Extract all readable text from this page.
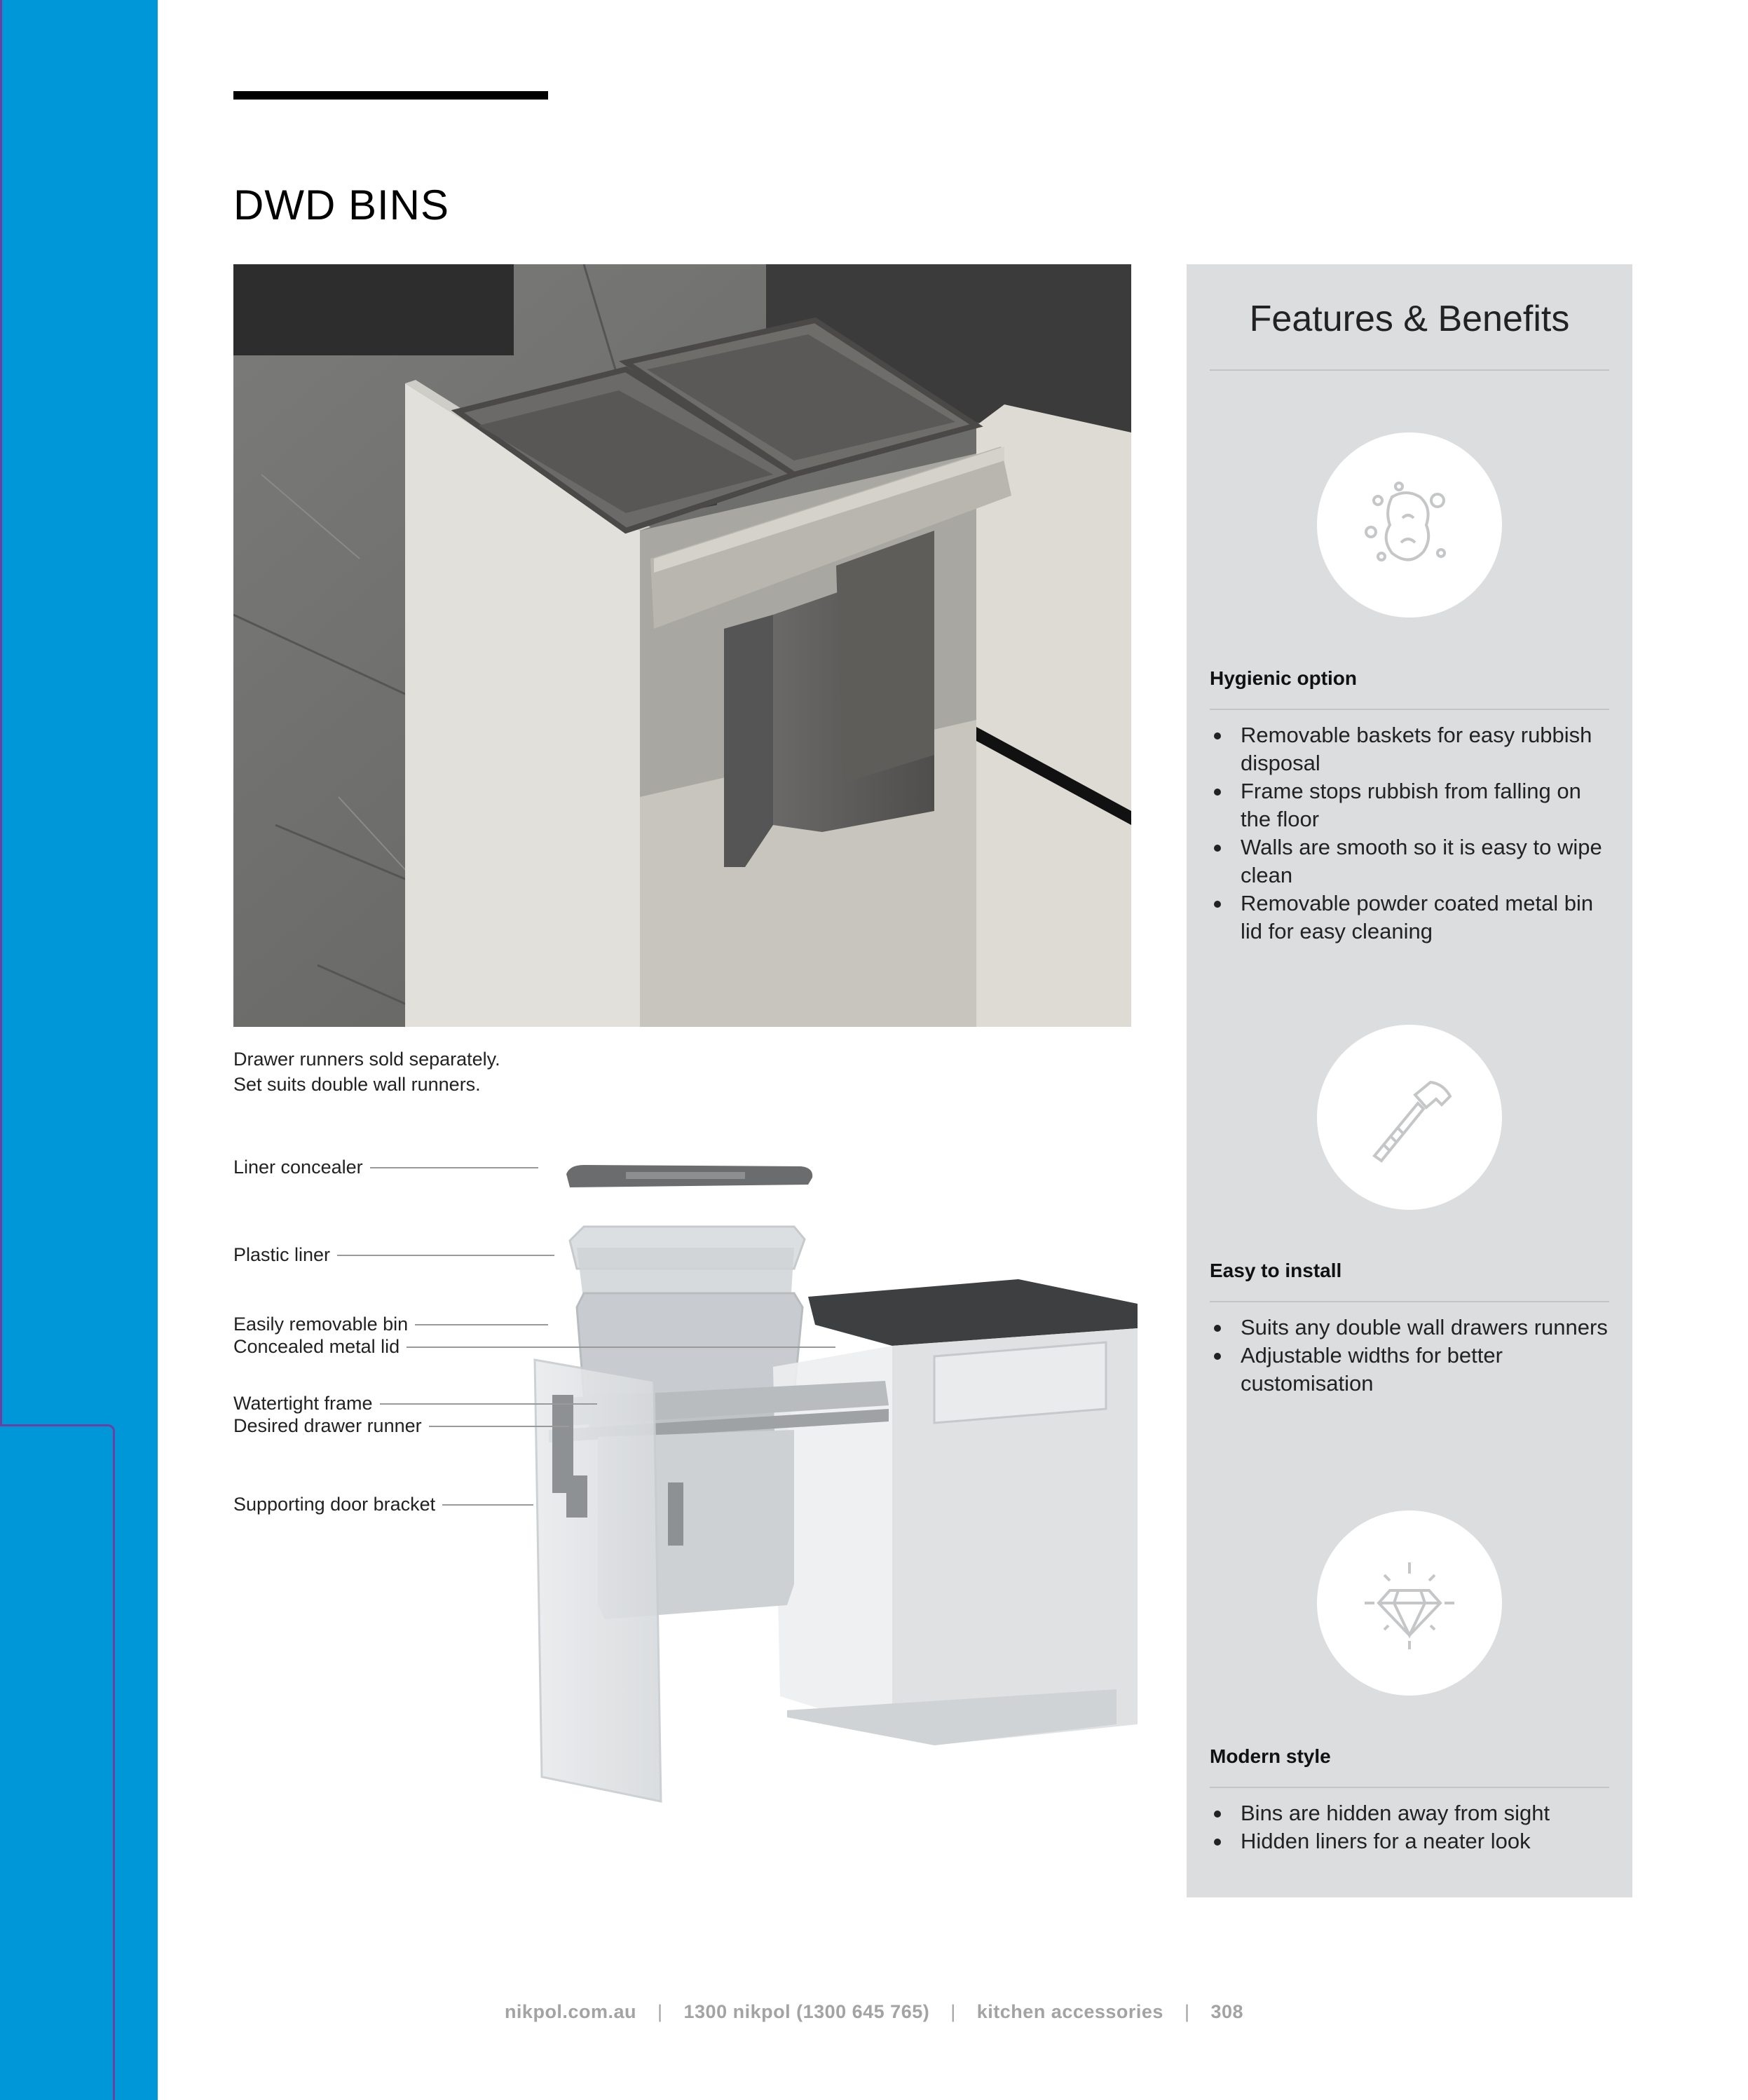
DWD BINS
Drawer runners sold separately.
Set suits double wall runners.
Liner concealer
Plastic liner
Easily removable bin
Concealed metal lid
Watertight frame
Desired drawer runner
Supporting door bracket
Features & Benefits
Hygienic option
Removable baskets for easy rubbish disposal
Frame stops rubbish from falling on the floor
Walls are smooth so it is easy to wipe clean
Removable powder coated metal bin lid for easy cleaning
Easy to install
Suits any double wall drawers runners
Adjustable widths for better customisation
Modern style
Bins are hidden away from sight
Hidden liners for a neater look
nikpol.com.au | 1300 nikpol (1300 645 765) | kitchen accessories | 308
